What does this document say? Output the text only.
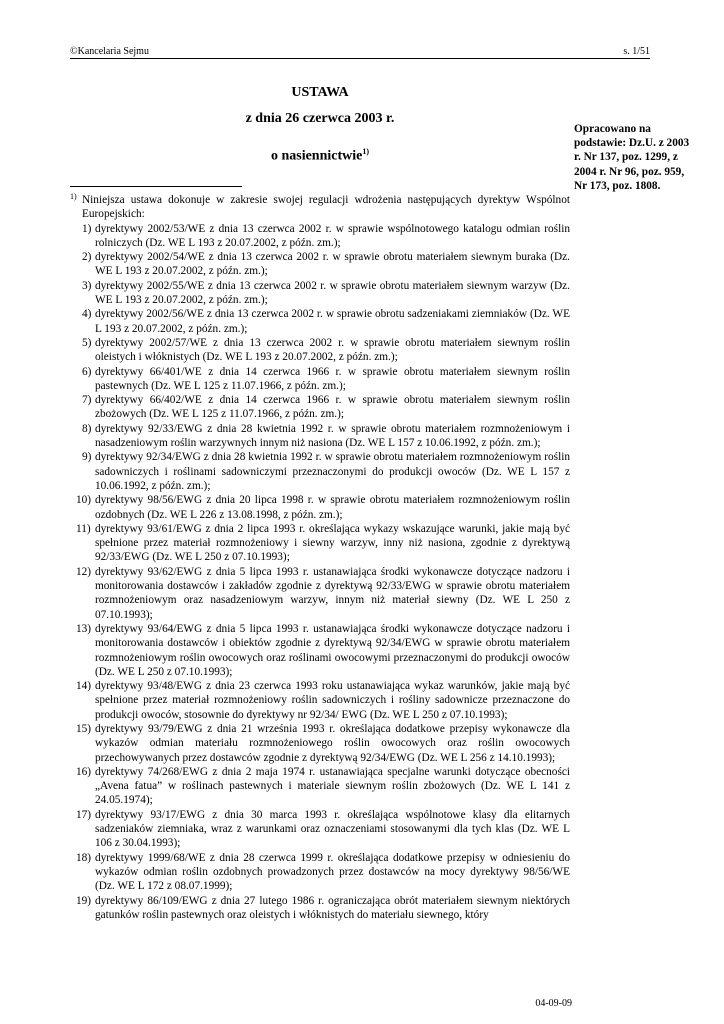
©Kancelaria Sejmu	s. 1/51
USTAWA
z dnia 26 czerwca 2003 r.
o nasiennictwie$^{1)}$
Opracowano na podstawie: Dz.U. z 2003 r. Nr 137, poz. 1299, z 2004 r. Nr 96, poz. 959, Nr 173, poz. 1808.
1) Niniejsza ustawa dokonuje w zakresie swojej regulacji wdrożenia następujących dyrektyw Wspólnot Europejskich:
1) dyrektywy 2002/53/WE z dnia 13 czerwca 2002 r. w sprawie wspólnotowego katalogu odmian roślin rolniczych (Dz. WE L 193 z 20.07.2002, z późn. zm.);
2) dyrektywy 2002/54/WE z dnia 13 czerwca 2002 r. w sprawie obrotu materiałem siewnym buraka (Dz. WE L 193 z 20.07.2002, z późn. zm.);
3) dyrektywy 2002/55/WE z dnia 13 czerwca 2002 r. w sprawie obrotu materiałem siewnym warzyw (Dz. WE L 193 z 20.07.2002, z późn. zm.);
4) dyrektywy 2002/56/WE z dnia 13 czerwca 2002 r. w sprawie obrotu sadzeniakami ziemniaków (Dz. WE L 193 z 20.07.2002, z późn. zm.);
5) dyrektywy 2002/57/WE z dnia 13 czerwca 2002 r. w sprawie obrotu materiałem siewnym roślin oleistych i włóknistych (Dz. WE L 193 z 20.07.2002, z późn. zm.);
6) dyrektywy 66/401/WE z dnia 14 czerwca 1966 r. w sprawie obrotu materiałem siewnym roślin pastewnych (Dz. WE L 125 z 11.07.1966, z późn. zm.);
7) dyrektywy 66/402/WE z dnia 14 czerwca 1966 r. w sprawie obrotu materiałem siewnym roślin zbożowych (Dz. WE L 125 z 11.07.1966, z późn. zm.);
8) dyrektywy 92/33/EWG z dnia 28 kwietnia 1992 r. w sprawie obrotu materiałem rozmnożeniowym i nasadzeniowym roślin warzywnych innym niż nasiona (Dz. WE L 157 z 10.06.1992, z późn. zm.);
9) dyrektywy 92/34/EWG z dnia 28 kwietnia 1992 r. w sprawie obrotu materiałem rozmnożeniowym roślin sadowniczych i roślinami sadowniczymi przeznaczonymi do produkcji owoców (Dz. WE L 157 z 10.06.1992, z późn. zm.);
10) dyrektywy 98/56/EWG z dnia 20 lipca 1998 r. w sprawie obrotu materiałem rozmnożeniowym roślin ozdobnych (Dz. WE L 226 z 13.08.1998, z późn. zm.);
11) dyrektywy 93/61/EWG z dnia 2 lipca 1993 r. określająca wykazy wskazujące warunki, jakie mają być spełnione przez materiał rozmnożeniowy i siewny warzyw, inny niż nasiona, zgodnie z dyrektywą 92/33/EWG (Dz. WE L 250 z 07.10.1993);
12) dyrektywy 93/62/EWG z dnia 5 lipca 1993 r. ustanawiająca środki wykonawcze dotyczące nadzoru i monitorowania dostawców i zakładów zgodnie z dyrektywą 92/33/EWG w sprawie obrotu materiałem rozmnożeniowym oraz nasadzeniowym warzyw, innym niż materiał siewny (Dz. WE L 250 z 07.10.1993);
13) dyrektywy 93/64/EWG z dnia 5 lipca 1993 r. ustanawiająca środki wykonawcze dotyczące nadzoru i monitorowania dostawców i obiektów zgodnie z dyrektywą 92/34/EWG w sprawie obrotu materiałem rozmnożeniowym roślin owocowych oraz roślinami owocowymi przeznaczonymi do produkcji owoców (Dz. WE L 250 z 07.10.1993);
14) dyrektywy 93/48/EWG z dnia 23 czerwca 1993 roku ustanawiająca wykaz warunków, jakie mają być spełnione przez materiał rozmnożeniowy roślin sadowniczych i rośliny sadownicze przeznaczone do produkcji owoców, stosownie do dyrektywy nr 92/34/ EWG (Dz. WE L 250 z 07.10.1993);
15) dyrektywy 93/79/EWG z dnia 21 września 1993 r. określająca dodatkowe przepisy wykonawcze dla wykazów odmian materiału rozmnożeniowego roślin owocowych oraz roślin owocowych przechowywanych przez dostawców zgodnie z dyrektywą 92/34/EWG (Dz. WE L 256 z 14.10.1993);
16) dyrektywy 74/268/EWG z dnia 2 maja 1974 r. ustanawiająca specjalne warunki dotyczące obecności „Avena fatua” w roślinach pastewnych i materiale siewnym roślin zbożowych (Dz. WE L 141 z 24.05.1974);
17) dyrektywy 93/17/EWG z dnia 30 marca 1993 r. określająca wspólnotowe klasy dla elitarnych sadzeniaków ziemniaka, wraz z warunkami oraz oznaczeniami stosowanymi dla tych klas (Dz. WE L 106 z 30.04.1993);
18) dyrektywy 1999/68/WE z dnia 28 czerwca 1999 r. określająca dodatkowe przepisy w odniesieniu do wykazów odmian roślin ozdobnych prowadzonych przez dostawców na mocy dyrektywy 98/56/WE (Dz. WE L 172 z 08.07.1999);
19) dyrektywy 86/109/EWG z dnia 27 lutego 1986 r. ograniczająca obrót materiałem siewnym niektórych gatunków roślin pastewnych oraz oleistych i włóknistych do materiału siewnego, który
04-09-09
